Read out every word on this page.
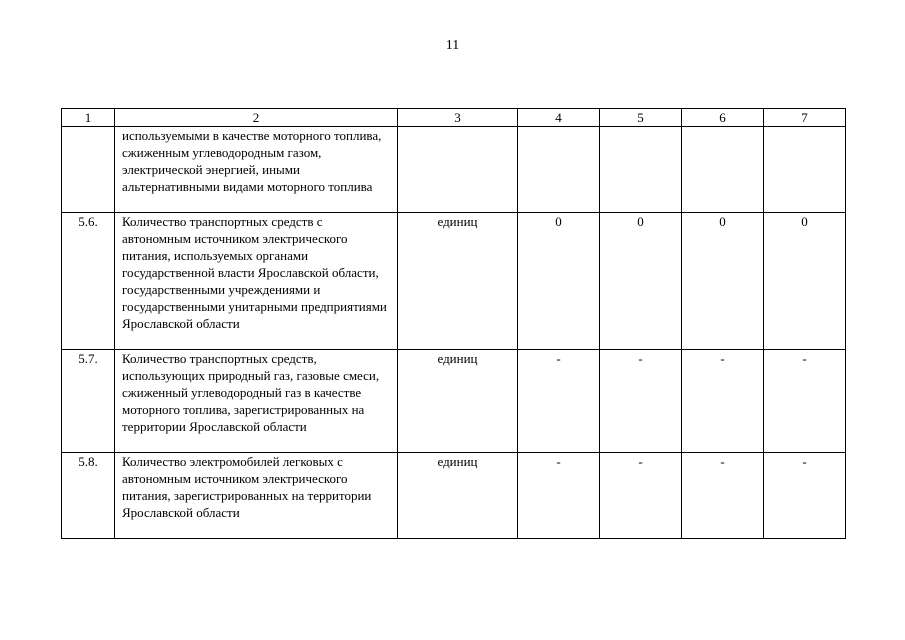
11
1	2	3	4	5	6	7
	используемыми в качестве моторного топлива, сжиженным углеводородным газом, электрической энергией, иными альтернативными видами моторного топлива					
5.6.	Количество транспортных средств с автономным источником электрического питания, используемых органами государственной власти Ярославской области, государственными учреждениями и государственными унитарными предприятиями Ярославской области	единиц	0	0	0	0
5.7.	Количество транспортных средств, использующих природный газ, газовые смеси, сжиженный углеводородный газ в качестве моторного топлива, зарегистрированных на территории Ярославской области	единиц	-	-	-	-
5.8.	Количество электромобилей легковых с автономным источником электрического питания, зарегистрированных на территории Ярославской области	единиц	-	-	-	-
